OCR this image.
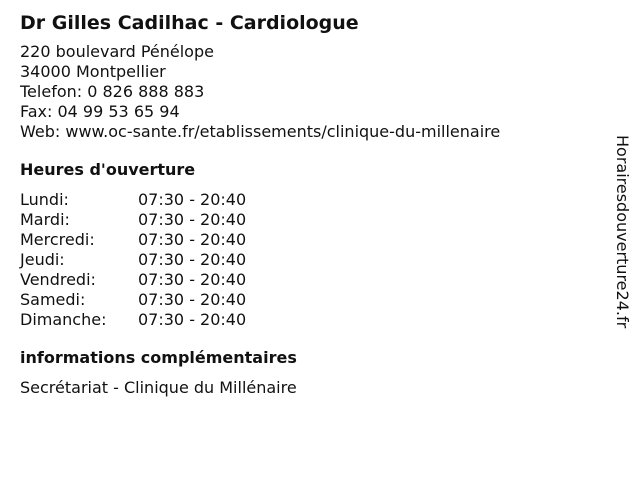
Dr Gilles Cadilhac - Cardiologue
220 boulevard Pénélope
34000 Montpellier
Telefon: 0 826 888 883
Fax: 04 99 53 65 94
Web: www.oc-sante.fr/etablissements/clinique-du-millenaire
Heures d'ouverture
Lundi:	07:30 - 20:40
Mardi:	07:30 - 20:40
Mercredi:	07:30 - 20:40
Jeudi:	07:30 - 20:40
Vendredi:	07:30 - 20:40
Samedi:	07:30 - 20:40
Dimanche:	07:30 - 20:40
informations complémentaires
Secrétariat - Clinique du Millénaire
Horairesdouverture24.fr
